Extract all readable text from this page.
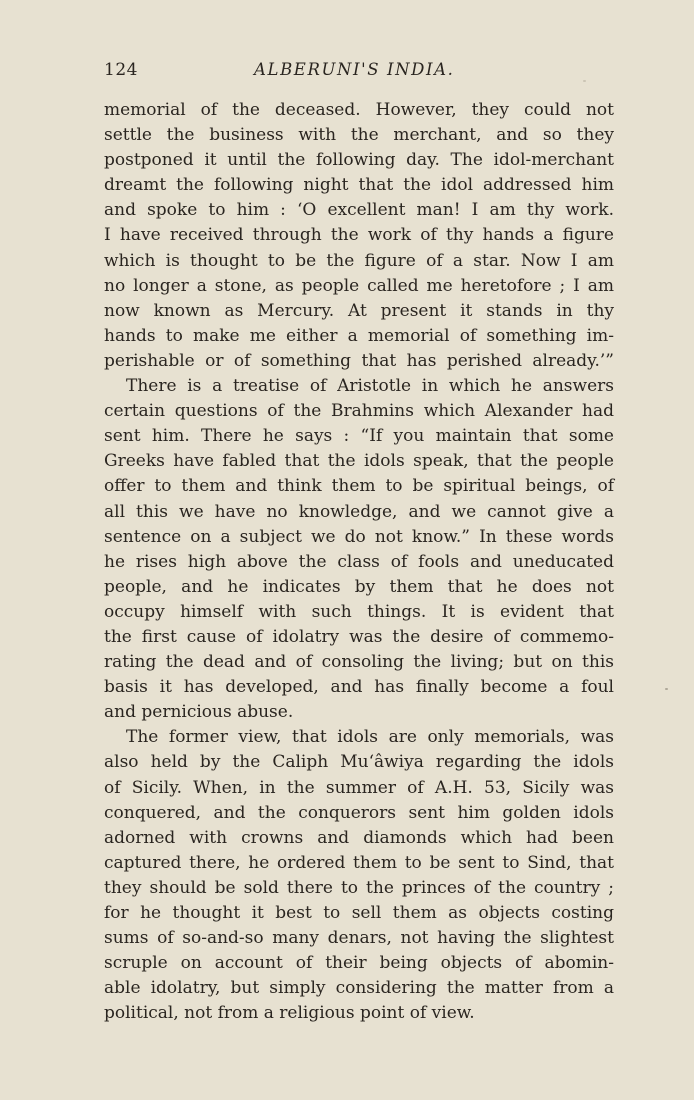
124	ALBERUNI'S INDIA.
memorial of the deceased. However, they could not
settle the business with the merchant, and so they
postponed it until the following day. The idol-merchant
dreamt the following night that the idol addressed him
and spoke to him : ‘O excellent man! I am thy work.
I have received through the work of thy hands a figure
which is thought to be the figure of a star. Now I am
no longer a stone, as people called me heretofore ; I am
now known as Mercury. At present it stands in thy
hands to make me either a memorial of something im-
perishable or of something that has perished already.’”
There is a treatise of Aristotle in which he answers
certain questions of the Brahmins which Alexander had
sent him. There he says : “If you maintain that some
Greeks have fabled that the idols speak, that the people
offer to them and think them to be spiritual beings, of
all this we have no knowledge, and we cannot give a
sentence on a subject we do not know.” In these words
he rises high above the class of fools and uneducated
people, and he indicates by them that he does not
occupy himself with such things. It is evident that
the first cause of idolatry was the desire of commemo-
rating the dead and of consoling the living; but on this
basis it has developed, and has finally become a foul
and pernicious abuse.
The former view, that idols are only memorials, was
also held by the Caliph Mu‘âwiya regarding the idols
of Sicily. When, in the summer of A.H. 53, Sicily was
conquered, and the conquerors sent him golden idols
adorned with crowns and diamonds which had been
captured there, he ordered them to be sent to Sind, that
they should be sold there to the princes of the country ;
for he thought it best to sell them as objects costing
sums of so-and-so many denars, not having the slightest
scruple on account of their being objects of abomin-
able idolatry, but simply considering the matter from a
political, not from a religious point of view.
